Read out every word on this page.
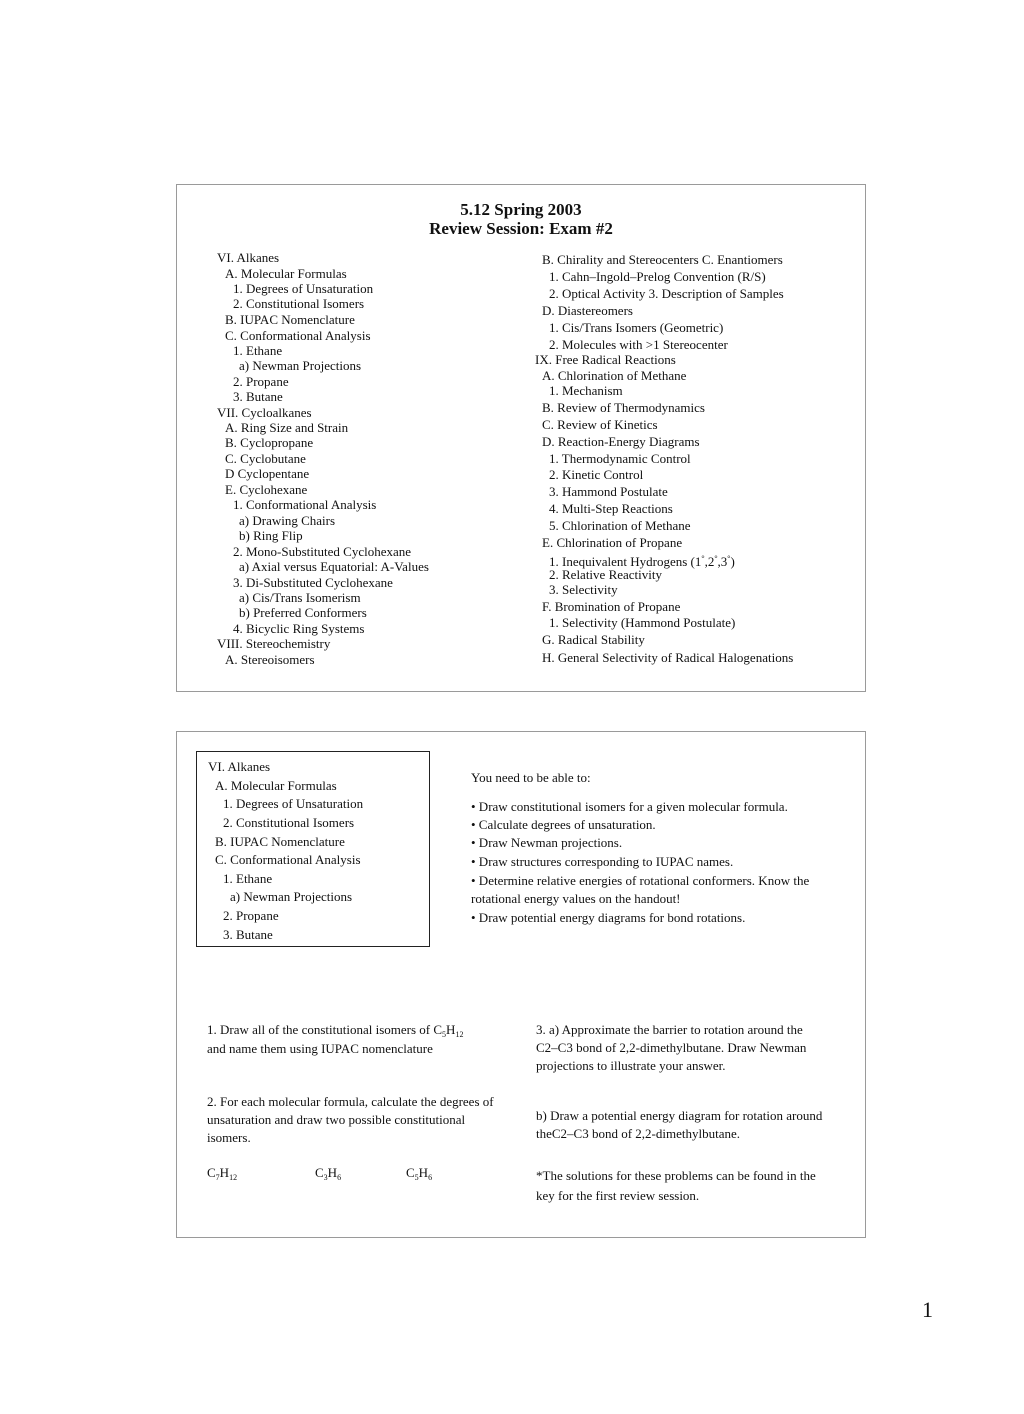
5.12 Spring 2003
Review Session: Exam #2
VI. Alkanes
A. Molecular Formulas
1. Degrees of Unsaturation
2. Constitutional Isomers
B. IUPAC Nomenclature
C. Conformational Analysis
1. Ethane
a) Newman Projections
2. Propane
3. Butane
VII. Cycloalkanes
A. Ring Size and Strain
B. Cyclopropane
C. Cyclobutane
D Cyclopentane
E. Cyclohexane
1. Conformational Analysis
a) Drawing Chairs
b) Ring Flip
2. Mono-Substituted Cyclohexane
a) Axial versus Equatorial: A-Values
3. Di-Substituted Cyclohexane
a) Cis/Trans Isomerism
b) Preferred Conformers
4. Bicyclic Ring Systems
VIII. Stereochemistry
A. Stereoisomers
B. Chirality and Stereocenters C. Enantiomers
1. Cahn–Ingold–Prelog Convention (R/S)
2. Optical Activity 3. Description of Samples
D. Diastereomers
1. Cis/Trans Isomers (Geometric)
2. Molecules with >1 Stereocenter
IX. Free Radical Reactions
A. Chlorination of Methane
1. Mechanism
B. Review of Thermodynamics
C. Review of Kinetics
D. Reaction-Energy Diagrams
1. Thermodynamic Control
2. Kinetic Control
3. Hammond Postulate
4. Multi-Step Reactions
5. Chlorination of Methane
E. Chlorination of Propane
1. Inequivalent Hydrogens (1°,2°,3°)
2. Relative Reactivity
3. Selectivity
F. Bromination of Propane
1. Selectivity (Hammond Postulate)
G. Radical Stability
H. General Selectivity of Radical Halogenations
VI. Alkanes
A. Molecular Formulas
1. Degrees of Unsaturation
2. Constitutional Isomers
B. IUPAC Nomenclature
C. Conformational Analysis
1. Ethane
a) Newman Projections
2. Propane
3. Butane
You need to be able to:
• Draw constitutional isomers for a given molecular formula.
• Calculate degrees of unsaturation.
• Draw Newman projections.
• Draw structures corresponding to IUPAC names.
• Determine relative energies of rotational conformers. Know the rotational energy values on the handout!
• Draw potential energy diagrams for bond rotations.
1. Draw all of the constitutional isomers of $C_5H_{12}$
and name them using IUPAC nomenclature
2. For each molecular formula, calculate the degrees of unsaturation and draw two possible constitutional isomers.
$C_7H_{12}$	$C_3H_6$	$C_5H_6$
3. a) Approximate the barrier to rotation around the C2–C3 bond of 2,2-dimethylbutane. Draw Newman projections to illustrate your answer.
b) Draw a potential energy diagram for rotation around theC2–C3 bond of 2,2-dimethylbutane.
*The solutions for these problems can be found in the key for the first review session.
1
